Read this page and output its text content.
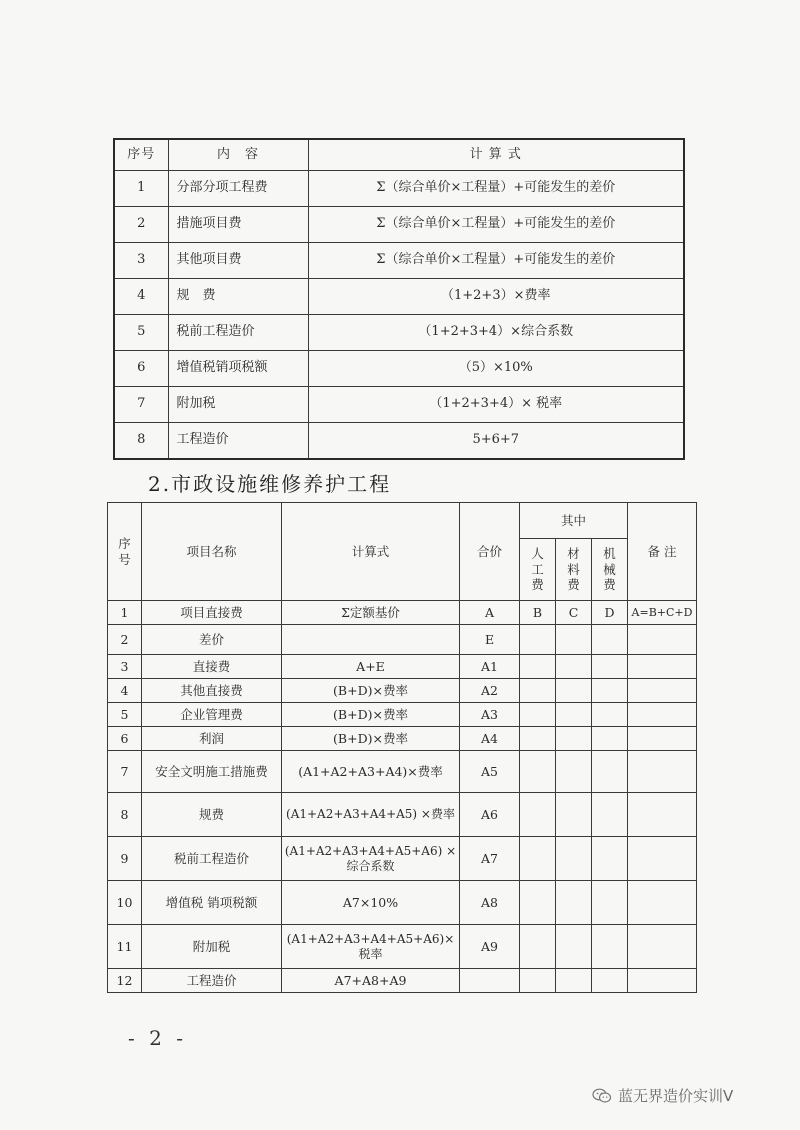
序号	内　容	计 算 式
1	分部分项工程费	Σ（综合单价×工程量）+可能发生的差价
2	措施项目费	Σ（综合单价×工程量）+可能发生的差价
3	其他项目费	Σ（综合单价×工程量）+可能发生的差价
4	规　费	（1+2+3）×费率
5	税前工程造价	（1+2+3+4）×综合系数
6	增值税销项税额	（5）×10%
7	附加税	（1+2+3+4）× 税率
8	工程造价	5+6+7
2.市政设施维修养护工程
序号	项目名称	计算式	合价	其中			备 注
				人工费	材料费	机械费	
1	项目直接费	Σ定额基价	A	B	C	D	A=B+C+D
2	差价		E				
3	直接费	A+E	A1				
4	其他直接费	(B+D)×费率	A2				
5	企业管理费	(B+D)×费率	A3				
6	利润	(B+D)×费率	A4				
7	安全文明施工措施费	(A1+A2+A3+A4)×费率	A5				
8	规费	(A1+A2+A3+A4+A5) ×费率	A6				
9	税前工程造价	(A1+A2+A3+A4+A5+A6) ×综合系数	A7				
10	增值税 销项税额	A7×10%	A8				
11	附加税	(A1+A2+A3+A4+A5+A6)× 税率	A9				
12	工程造价	A7+A8+A9					
- 2 -
蓝无界造价实训V
